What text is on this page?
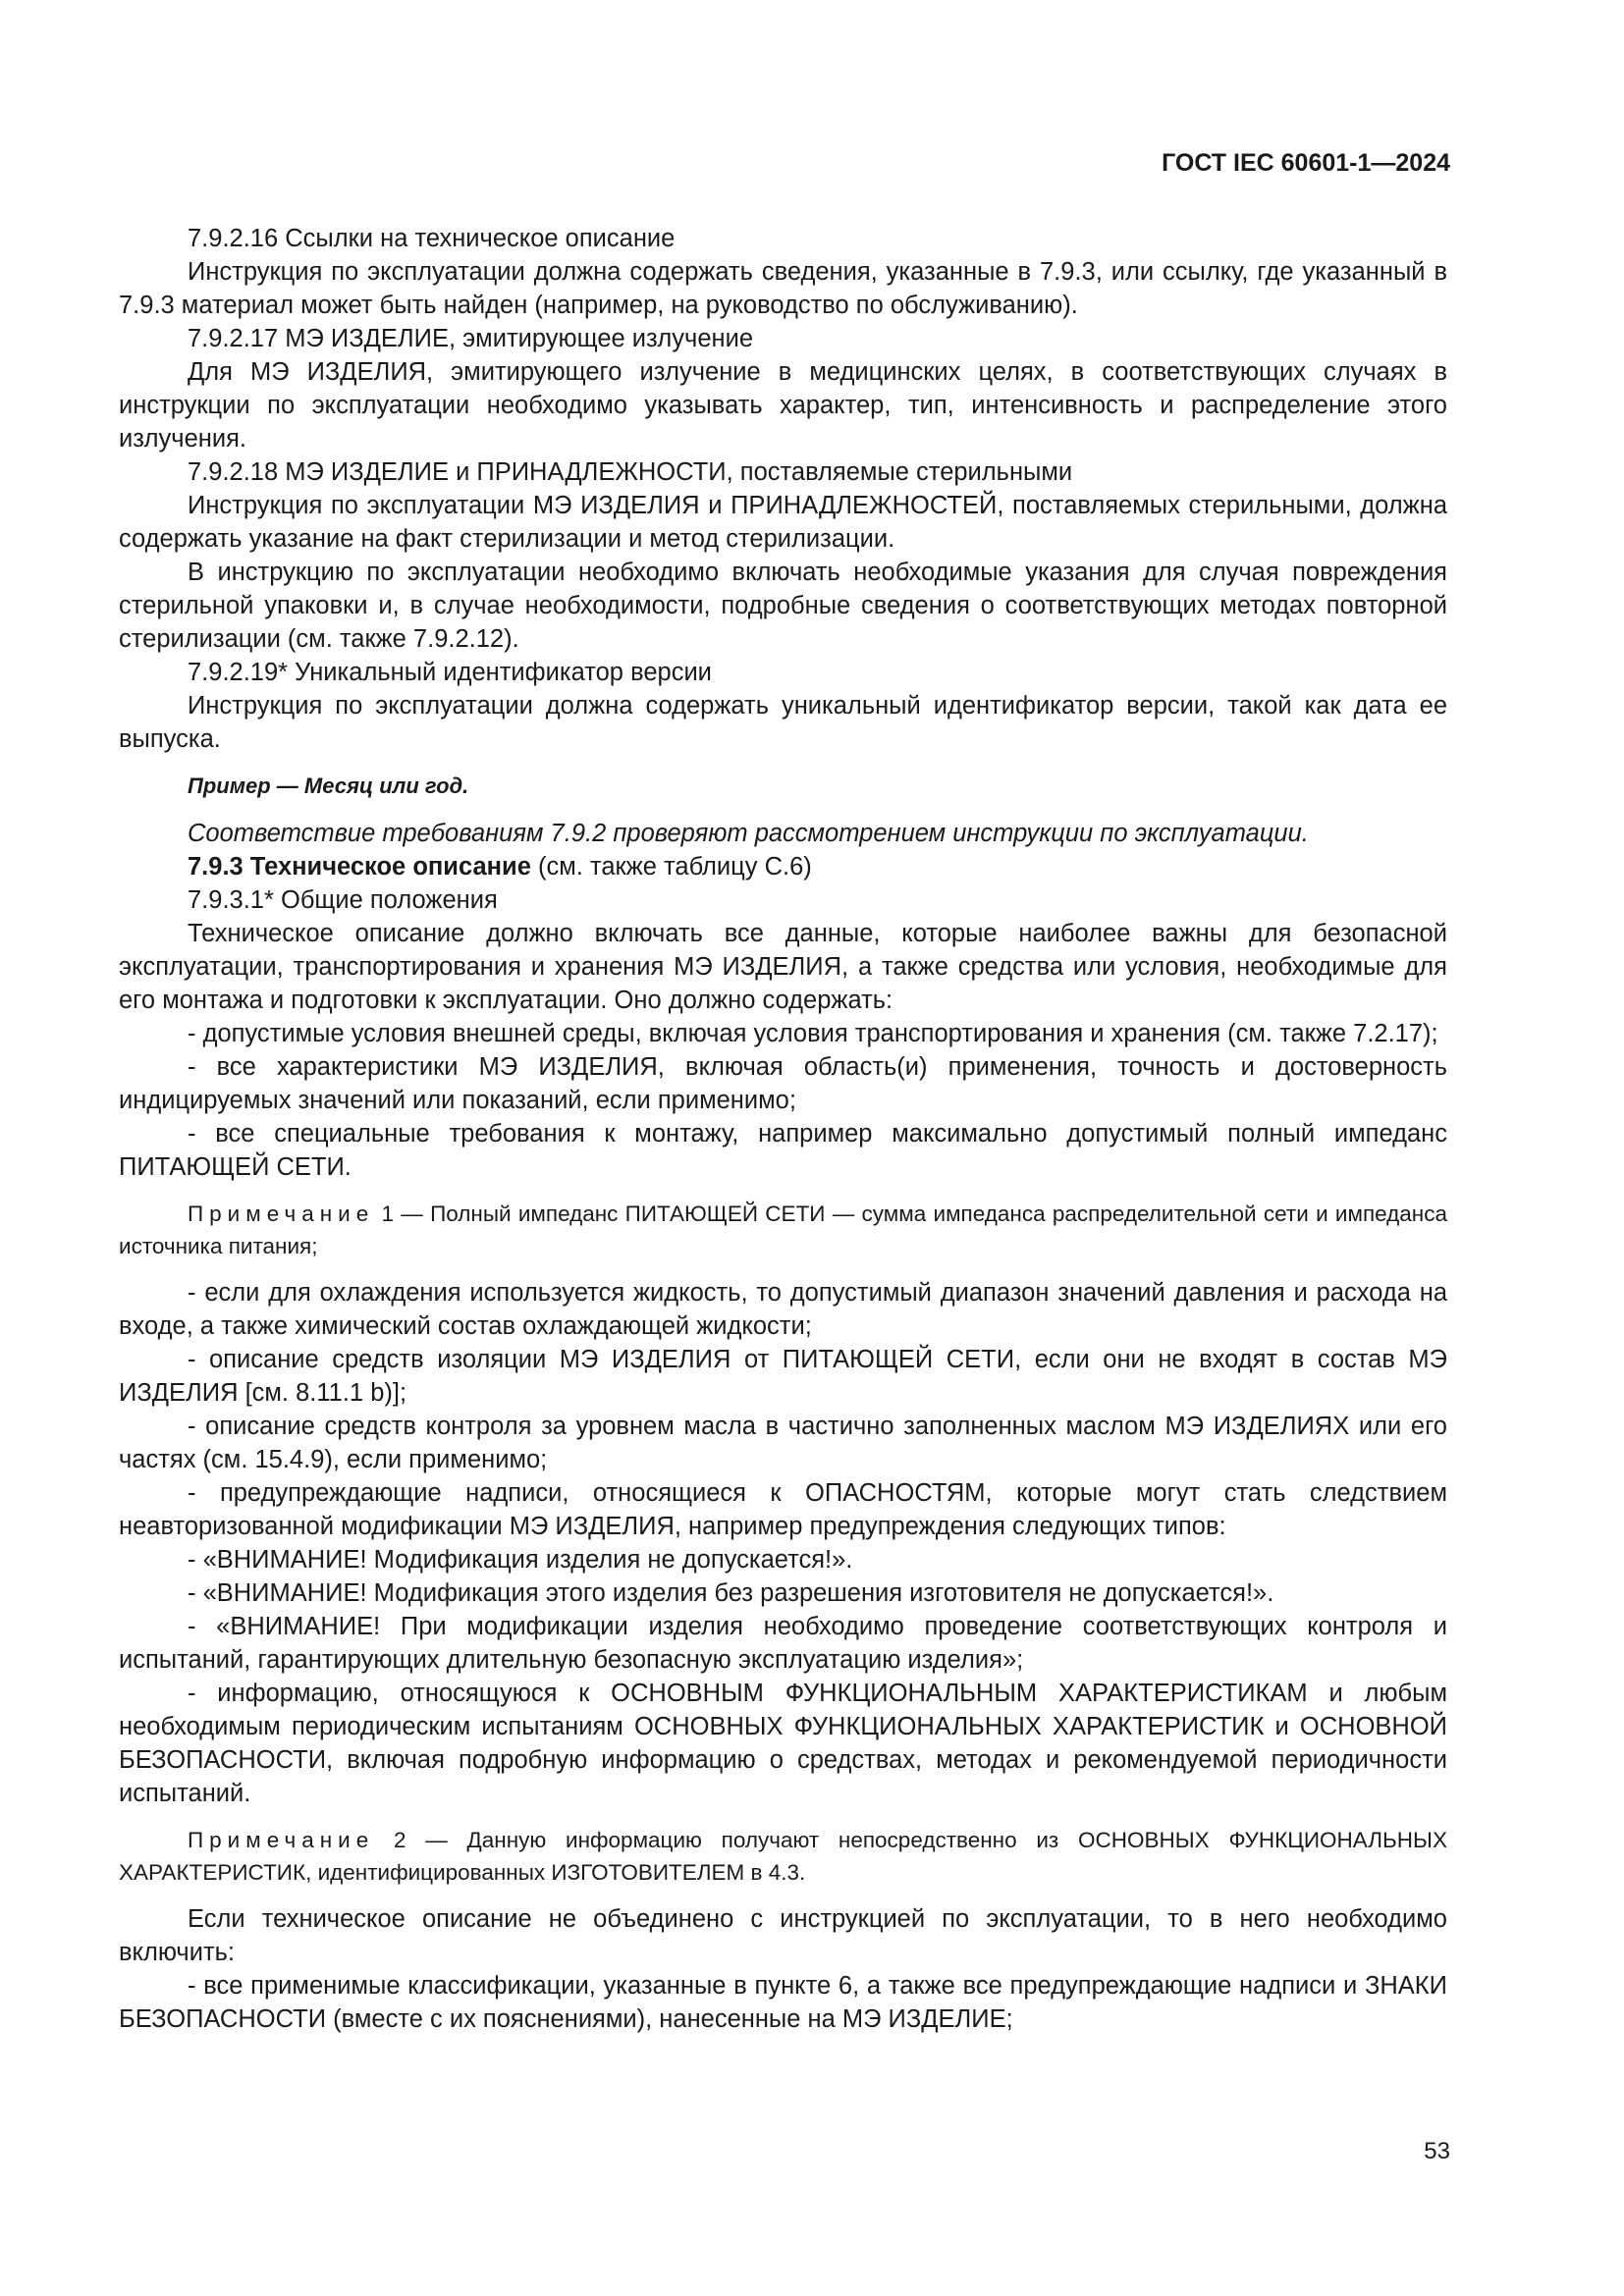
ГОСТ IEC 60601-1—2024

7.9.2.16 Ссылки на техническое описание

Инструкция по эксплуатации должна содержать сведения, указанные в 7.9.3, или ссылку, где указанный в 7.9.3 материал может быть найден (например, на руководство по обслуживанию).

7.9.2.17 МЭ ИЗДЕЛИЕ, эмитирующее излучение

Для МЭ ИЗДЕЛИЯ, эмитирующего излучение в медицинских целях, в соответствующих случаях в инструкции по эксплуатации необходимо указывать характер, тип, интенсивность и распределение этого излучения.

7.9.2.18 МЭ ИЗДЕЛИЕ и ПРИНАДЛЕЖНОСТИ, поставляемые стерильными

Инструкция по эксплуатации МЭ ИЗДЕЛИЯ и ПРИНАДЛЕЖНОСТЕЙ, поставляемых стерильными, должна содержать указание на факт стерилизации и метод стерилизации.

В инструкцию по эксплуатации необходимо включать необходимые указания для случая повреждения стерильной упаковки и, в случае необходимости, подробные сведения о соответствующих методах повторной стерилизации (см. также 7.9.2.12).

7.9.2.19* Уникальный идентификатор версии

Инструкция по эксплуатации должна содержать уникальный идентификатор версии, такой как дата ее выпуска.

Пример — Месяц или год.

Соответствие требованиям 7.9.2 проверяют рассмотрением инструкции по эксплуатации.

7.9.3 Техническое описание (см. также таблицу С.6)

7.9.3.1* Общие положения

Техническое описание должно включать все данные, которые наиболее важны для безопасной эксплуатации, транспортирования и хранения МЭ ИЗДЕЛИЯ, а также средства или условия, необходимые для его монтажа и подготовки к эксплуатации. Оно должно содержать:

- допустимые условия внешней среды, включая условия транспортирования и хранения (см. также 7.2.17);

- все характеристики МЭ ИЗДЕЛИЯ, включая область(и) применения, точность и достоверность индицируемых значений или показаний, если применимо;

- все специальные требования к монтажу, например максимально допустимый полный импеданс ПИТАЮЩЕЙ СЕТИ.

Примечание 1 — Полный импеданс ПИТАЮЩЕЙ СЕТИ — сумма импеданса распределительной сети и импеданса источника питания;

- если для охлаждения используется жидкость, то допустимый диапазон значений давления и расхода на входе, а также химический состав охлаждающей жидкости;

- описание средств изоляции МЭ ИЗДЕЛИЯ от ПИТАЮЩЕЙ СЕТИ, если они не входят в состав МЭ ИЗДЕЛИЯ [см. 8.11.1 b)];

- описание средств контроля за уровнем масла в частично заполненных маслом МЭ ИЗДЕЛИЯХ или его частях (см. 15.4.9), если применимо;

- предупреждающие надписи, относящиеся к ОПАСНОСТЯМ, которые могут стать следствием неавторизованной модификации МЭ ИЗДЕЛИЯ, например предупреждения следующих типов:

- «ВНИМАНИЕ! Модификация изделия не допускается!».

- «ВНИМАНИЕ! Модификация этого изделия без разрешения изготовителя не допускается!».

- «ВНИМАНИЕ! При модификации изделия необходимо проведение соответствующих контроля и испытаний, гарантирующих длительную безопасную эксплуатацию изделия»;

- информацию, относящуюся к ОСНОВНЫМ ФУНКЦИОНАЛЬНЫМ ХАРАКТЕРИСТИКАМ и любым необходимым периодическим испытаниям ОСНОВНЫХ ФУНКЦИОНАЛЬНЫХ ХАРАКТЕРИСТИК и ОСНОВНОЙ БЕЗОПАСНОСТИ, включая подробную информацию о средствах, методах и рекомендуемой периодичности испытаний.

Примечание 2 — Данную информацию получают непосредственно из ОСНОВНЫХ ФУНКЦИОНАЛЬНЫХ ХАРАКТЕРИСТИК, идентифицированных ИЗГОТОВИТЕЛЕМ в 4.3.

Если техническое описание не объединено с инструкцией по эксплуатации, то в него необходимо включить:

- все применимые классификации, указанные в пункте 6, а также все предупреждающие надписи и ЗНАКИ БЕЗОПАСНОСТИ (вместе с их пояснениями), нанесенные на МЭ ИЗДЕЛИЕ;

53
